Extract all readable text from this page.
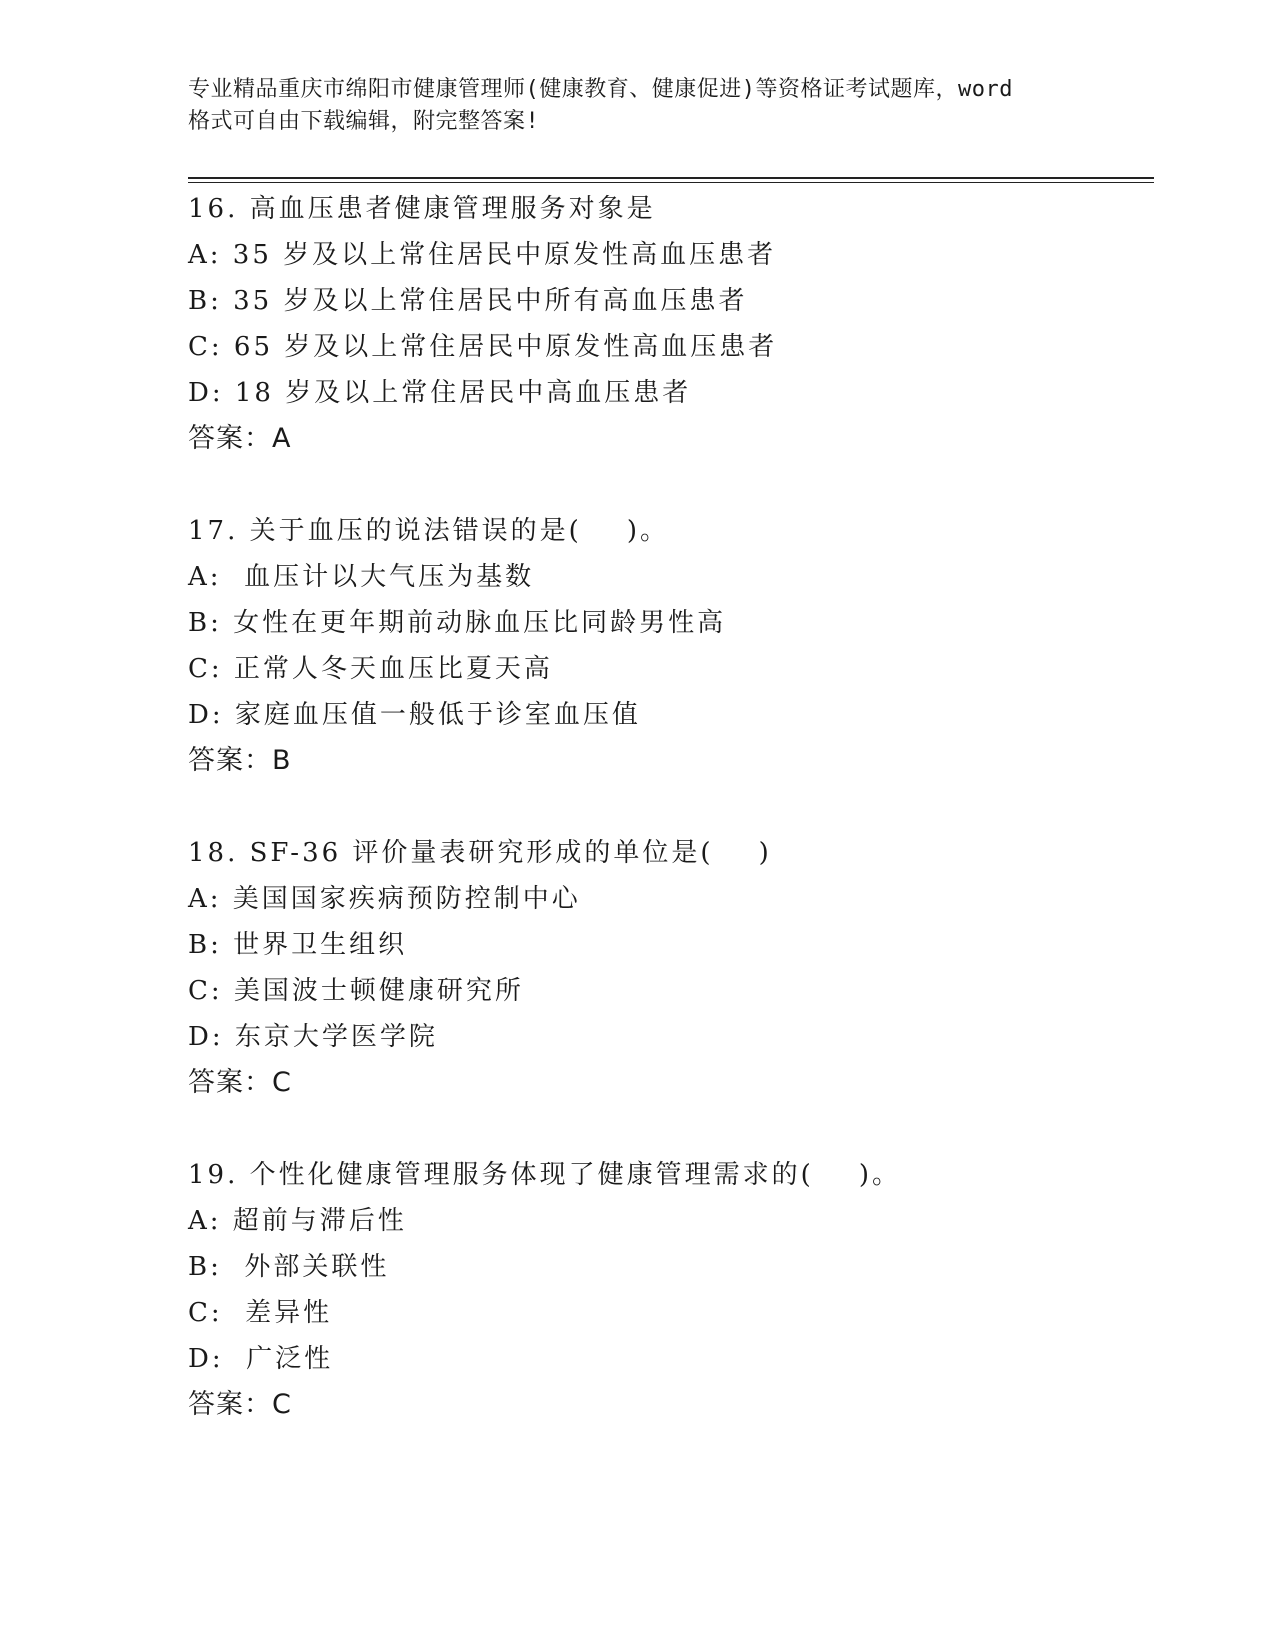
专业精品重庆市绵阳市健康管理师(健康教育、健康促进)等资格证考试题库，word
格式可自由下载编辑，附完整答案!
16. 高血压患者健康管理服务对象是
A: 35 岁及以上常住居民中原发性高血压患者
B: 35 岁及以上常住居民中所有高血压患者
C: 65 岁及以上常住居民中原发性高血压患者
D: 18 岁及以上常住居民中高血压患者
答案：A
17. 关于血压的说法错误的是(    )。
A:  血压计以大气压为基数
B: 女性在更年期前动脉血压比同龄男性高
C: 正常人冬天血压比夏天高
D: 家庭血压值一般低于诊室血压值
答案：B
18. SF-36 评价量表研究形成的单位是(    )
A: 美国国家疾病预防控制中心
B: 世界卫生组织
C: 美国波士顿健康研究所
D: 东京大学医学院
答案：C
19. 个性化健康管理服务体现了健康管理需求的(    )。
A: 超前与滞后性
B:  外部关联性
C:  差异性
D:  广泛性
答案：C
